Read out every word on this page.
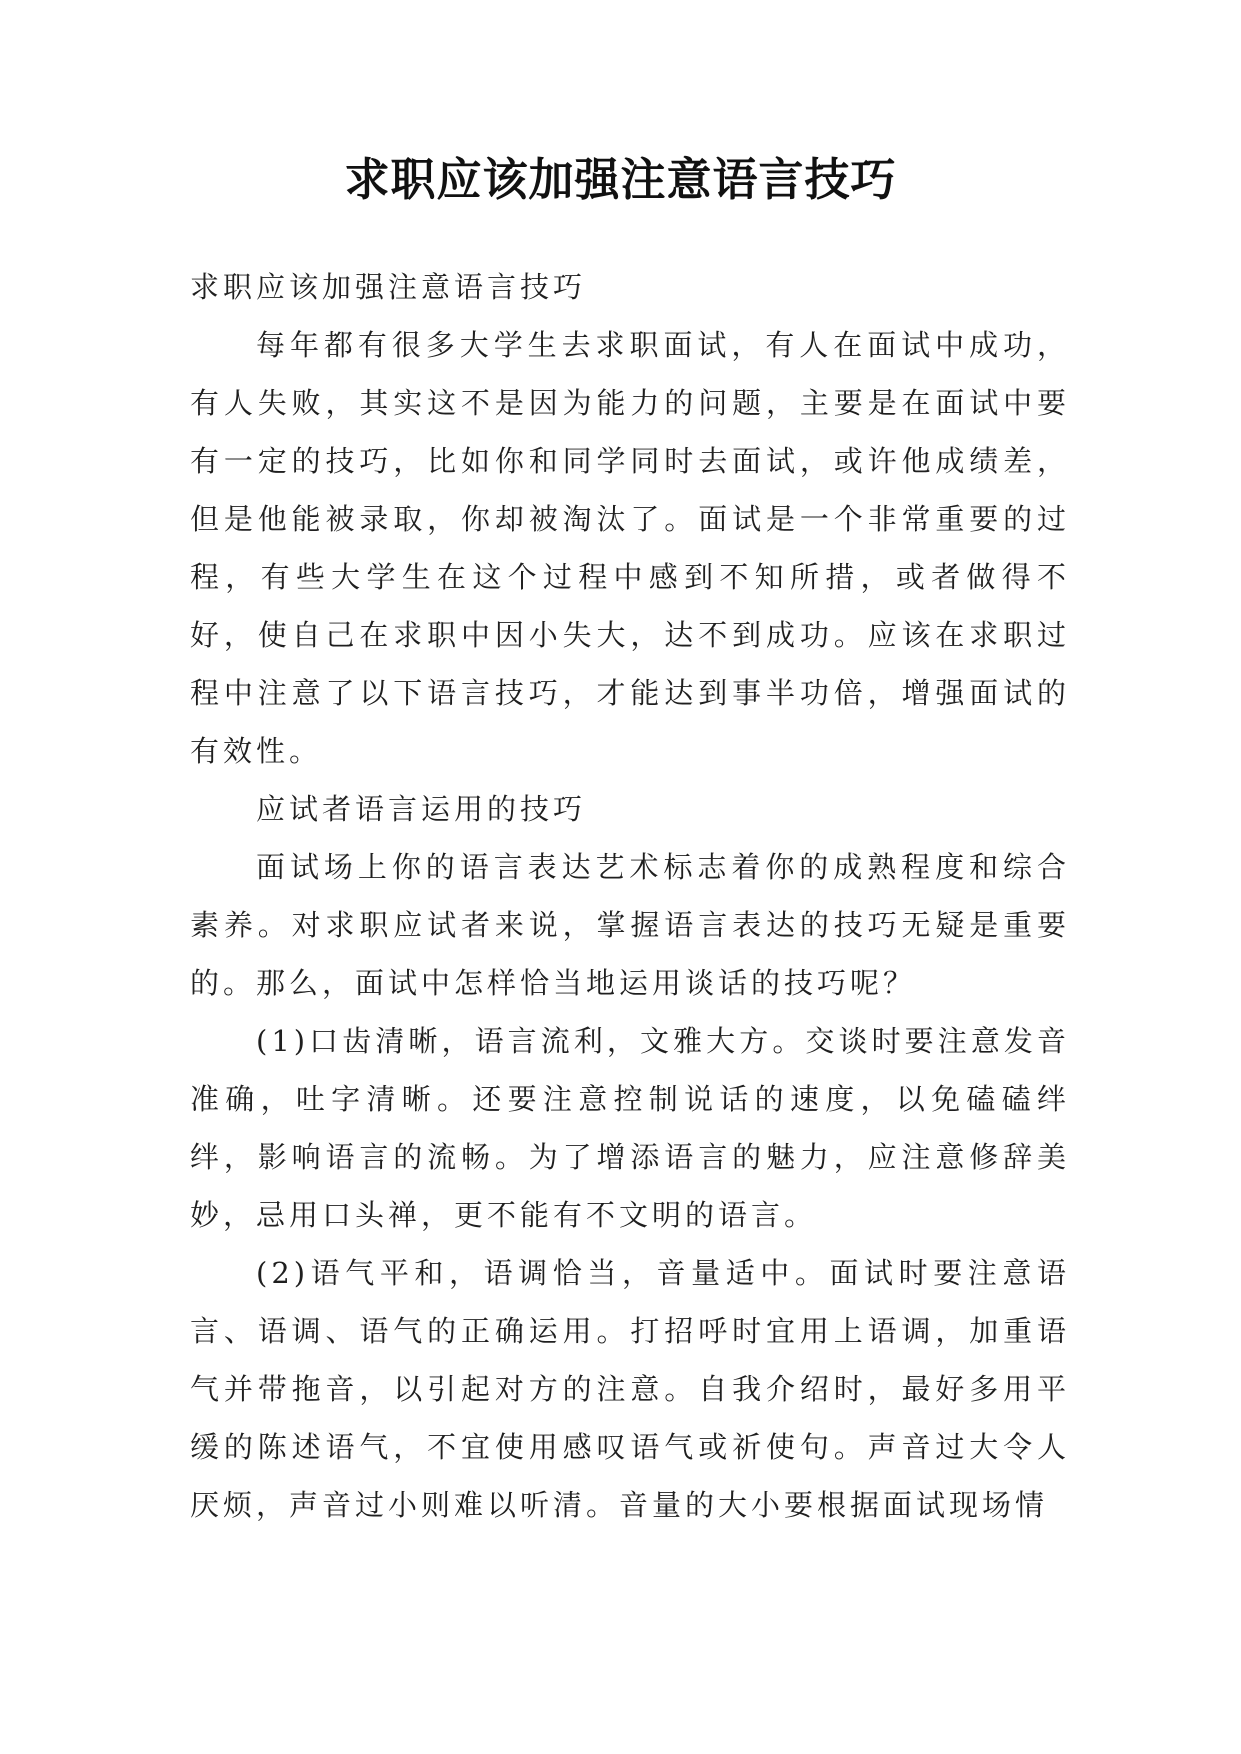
求职应该加强注意语言技巧

求职应该加强注意语言技巧

每年都有很多大学生去求职面试，有人在面试中成功，有人失败，其实这不是因为能力的问题，主要是在面试中要有一定的技巧，比如你和同学同时去面试，或许他成绩差，但是他能被录取，你却被淘汰了。面试是一个非常重要的过程，有些大学生在这个过程中感到不知所措，或者做得不好，使自己在求职中因小失大，达不到成功。应该在求职过程中注意了以下语言技巧，才能达到事半功倍，增强面试的有效性。

应试者语言运用的技巧

面试场上你的语言表达艺术标志着你的成熟程度和综合素养。对求职应试者来说，掌握语言表达的技巧无疑是重要的。那么，面试中怎样恰当地运用谈话的技巧呢？

(1)口齿清晰，语言流利，文雅大方。交谈时要注意发音准确，吐字清晰。还要注意控制说话的速度，以免磕磕绊绊，影响语言的流畅。为了增添语言的魅力，应注意修辞美妙，忌用口头禅，更不能有不文明的语言。

(2)语气平和，语调恰当，音量适中。面试时要注意语言、语调、语气的正确运用。打招呼时宜用上语调，加重语气并带拖音，以引起对方的注意。自我介绍时，最好多用平缓的陈述语气，不宜使用感叹语气或祈使句。声音过大令人厌烦，声音过小则难以听清。音量的大小要根据面试现场情
